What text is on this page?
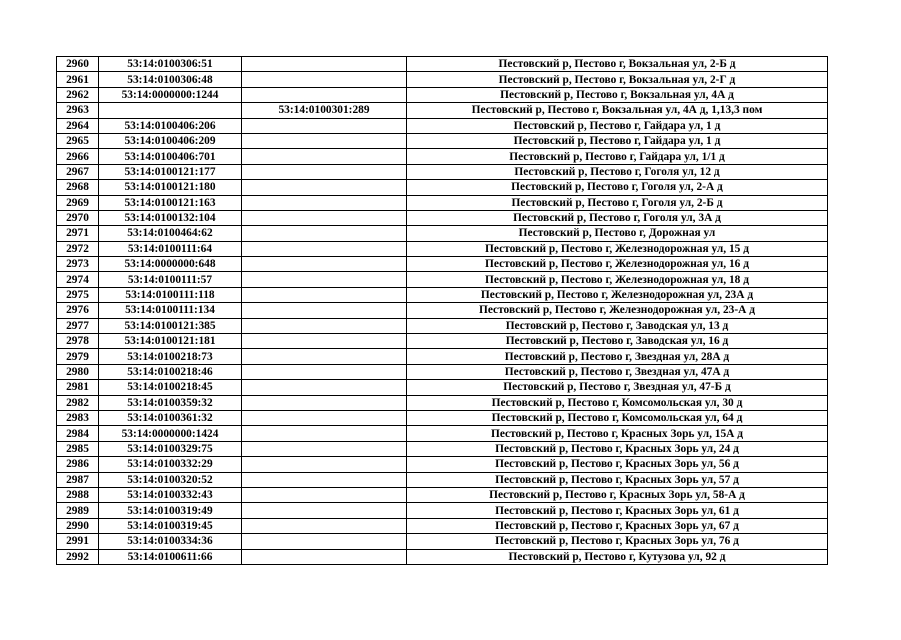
2960	53:14:0100306:51		Пестовский р, Пестово г, Вокзальная ул, 2-Б д
2961	53:14:0100306:48		Пестовский р, Пестово г, Вокзальная ул, 2-Г д
2962	53:14:0000000:1244		Пестовский р, Пестово г, Вокзальная ул, 4А д
2963		53:14:0100301:289	Пестовский р, Пестово г, Вокзальная ул, 4А д, 1,13,3 пом
2964	53:14:0100406:206		Пестовский р, Пестово г, Гайдара ул, 1 д
2965	53:14:0100406:209		Пестовский р, Пестово г, Гайдара ул, 1 д
2966	53:14:0100406:701		Пестовский р, Пестово г, Гайдара ул, 1/1 д
2967	53:14:0100121:177		Пестовский р, Пестово г, Гоголя ул, 12 д
2968	53:14:0100121:180		Пестовский р, Пестово г, Гоголя ул, 2-А д
2969	53:14:0100121:163		Пестовский р, Пестово г, Гоголя ул, 2-Б д
2970	53:14:0100132:104		Пестовский р, Пестово г, Гоголя ул, 3А д
2971	53:14:0100464:62		Пестовский р, Пестово г, Дорожная ул
2972	53:14:0100111:64		Пестовский р, Пестово г, Железнодорожная ул, 15 д
2973	53:14:0000000:648		Пестовский р, Пестово г, Железнодорожная ул, 16 д
2974	53:14:0100111:57		Пестовский р, Пестово г, Железнодорожная ул, 18 д
2975	53:14:0100111:118		Пестовский р, Пестово г, Железнодорожная ул, 23А д
2976	53:14:0100111:134		Пестовский р, Пестово г, Железнодорожная ул, 23-А д
2977	53:14:0100121:385		Пестовский р, Пестово г, Заводская ул, 13 д
2978	53:14:0100121:181		Пестовский р, Пестово г, Заводская ул, 16 д
2979	53:14:0100218:73		Пестовский р, Пестово г, Звездная ул, 28А д
2980	53:14:0100218:46		Пестовский р, Пестово г, Звездная ул, 47А д
2981	53:14:0100218:45		Пестовский р, Пестово г, Звездная ул, 47-Б д
2982	53:14:0100359:32		Пестовский р, Пестово г, Комсомольская ул, 30 д
2983	53:14:0100361:32		Пестовский р, Пестово г, Комсомольская ул, 64 д
2984	53:14:0000000:1424		Пестовский р, Пестово г, Красных Зорь ул, 15А д
2985	53:14:0100329:75		Пестовский р, Пестово г, Красных Зорь ул, 24 д
2986	53:14:0100332:29		Пестовский р, Пестово г, Красных Зорь ул, 56 д
2987	53:14:0100320:52		Пестовский р, Пестово г, Красных Зорь ул, 57 д
2988	53:14:0100332:43		Пестовский р, Пестово г, Красных Зорь ул, 58-А д
2989	53:14:0100319:49		Пестовский р, Пестово г, Красных Зорь ул, 61 д
2990	53:14:0100319:45		Пестовский р, Пестово г, Красных Зорь ул, 67 д
2991	53:14:0100334:36		Пестовский р, Пестово г, Красных Зорь ул, 76 д
2992	53:14:0100611:66		Пестовский р, Пестово г, Кутузова ул, 92 д
